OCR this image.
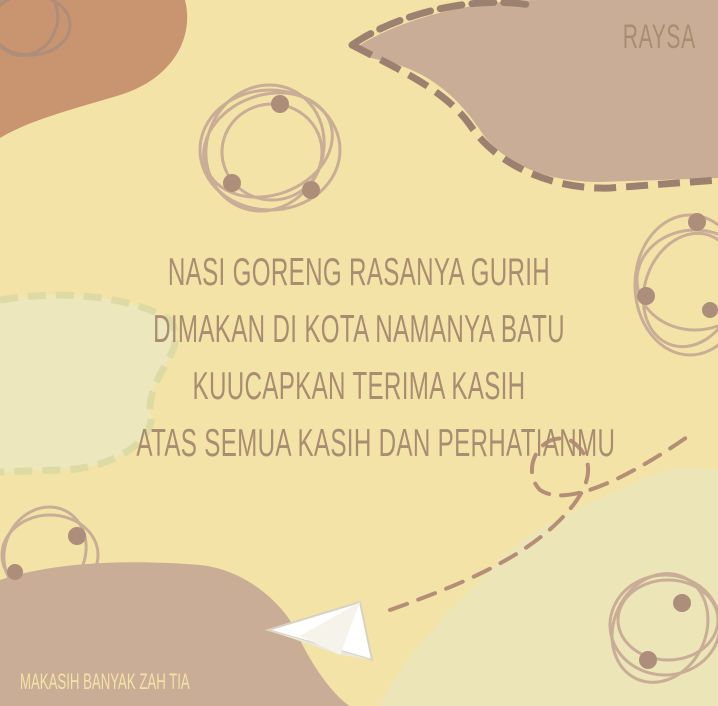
RAYSA
NASI GORENG RASANYA GURIH
DIMAKAN DI KOTA NAMANYA BATU
KUUCAPKAN TERIMA KASIH
ATAS SEMUA KASIH DAN PERHATIANMU
MAKASIH BANYAK ZAH TIA
